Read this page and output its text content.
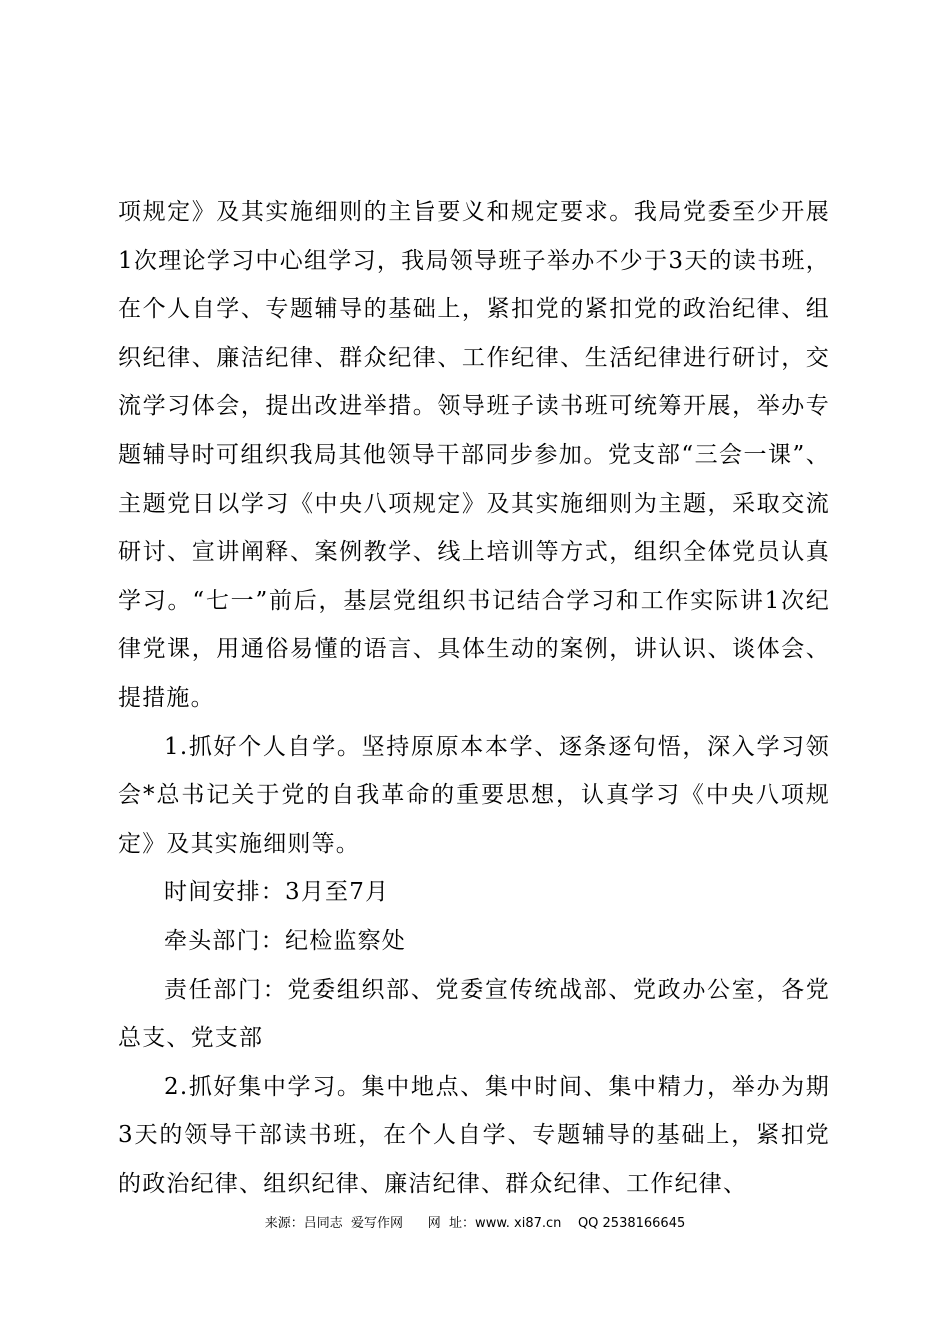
项规定》及其实施细则的主旨要义和规定要求。我局党委至少开展1次理论学习中心组学习，我局领导班子举办不少于3天的读书班，在个人自学、专题辅导的基础上，紧扣党的紧扣党的政治纪律、组织纪律、廉洁纪律、群众纪律、工作纪律、生活纪律进行研讨，交流学习体会，提出改进举措。领导班子读书班可统筹开展，举办专题辅导时可组织我局其他领导干部同步参加。党支部“三会一课”、主题党日以学习《中央八项规定》及其实施细则为主题，采取交流研讨、宣讲阐释、案例教学、线上培训等方式，组织全体党员认真学习。“七一”前后，基层党组织书记结合学习和工作实际讲1次纪律党课，用通俗易懂的语言、具体生动的案例，讲认识、谈体会、提措施。

1.抓好个人自学。坚持原原本本学、逐条逐句悟，深入学习领会*总书记关于党的自我革命的重要思想，认真学习《中央八项规定》及其实施细则等。

时间安排：3月至7月

牵头部门：纪检监察处

责任部门：党委组织部、党委宣传统战部、党政办公室，各党总支、党支部

2.抓好集中学习。集中地点、集中时间、集中精力，举办为期3天的领导干部读书班，在个人自学、专题辅导的基础上，紧扣党的政治纪律、组织纪律、廉洁纪律、群众纪律、工作纪律、

来源：吕同志  爱写作网 网  址：www. xi87.cn QQ 2538166645
